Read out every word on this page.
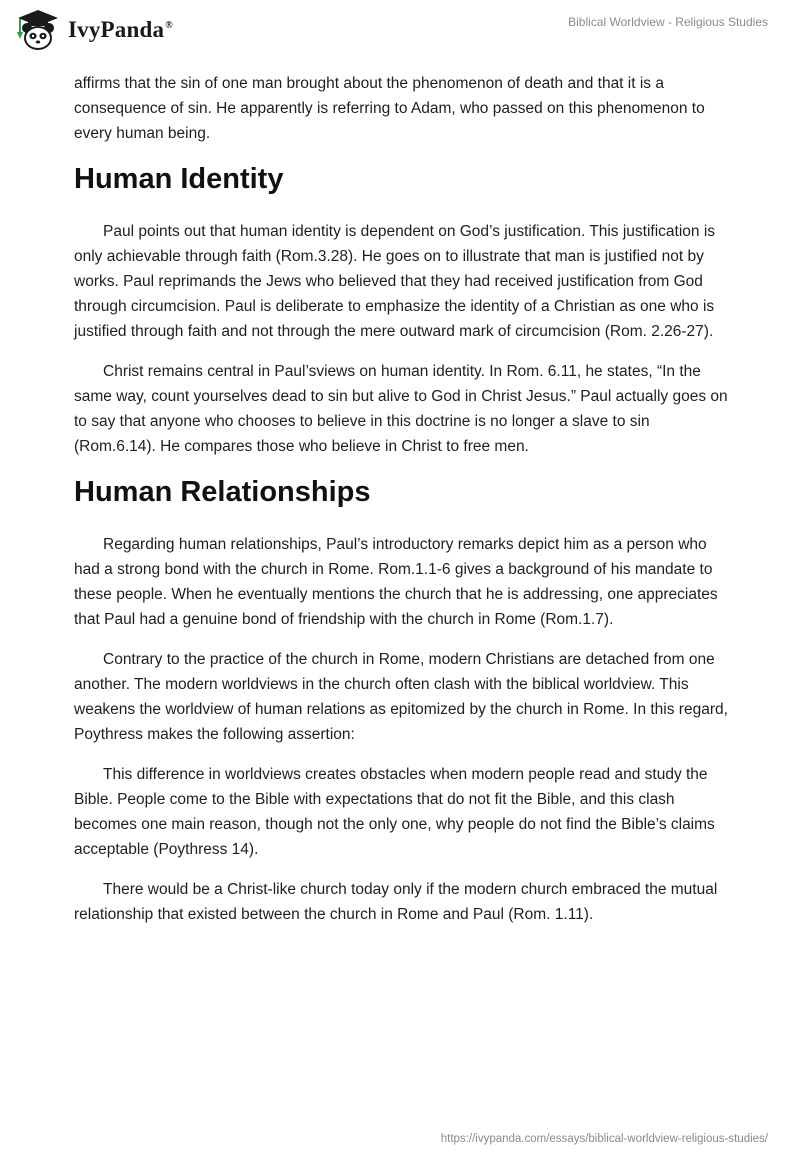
IvyPanda®	Biblical Worldview - Religious Studies

affirms that the sin of one man brought about the phenomenon of death and that it is a consequence of sin. He apparently is referring to Adam, who passed on this phenomenon to every human being.

Human Identity

Paul points out that human identity is dependent on God’s justification. This justification is only achievable through faith (Rom.3.28). He goes on to illustrate that man is justified not by works. Paul reprimands the Jews who believed that they had received justification from God through circumcision. Paul is deliberate to emphasize the identity of a Christian as one who is justified through faith and not through the mere outward mark of circumcision (Rom. 2.26-27).

Christ remains central in Paul’sviews on human identity. In Rom. 6.11, he states, “In the same way, count yourselves dead to sin but alive to God in Christ Jesus.” Paul actually goes on to say that anyone who chooses to believe in this doctrine is no longer a slave to sin (Rom.6.14). He compares those who believe in Christ to free men.

Human Relationships

Regarding human relationships, Paul’s introductory remarks depict him as a person who had a strong bond with the church in Rome. Rom.1.1-6 gives a background of his mandate to these people. When he eventually mentions the church that he is addressing, one appreciates that Paul had a genuine bond of friendship with the church in Rome (Rom.1.7).

Contrary to the practice of the church in Rome, modern Christians are detached from one another. The modern worldviews in the church often clash with the biblical worldview. This weakens the worldview of human relations as epitomized by the church in Rome. In this regard, Poythress makes the following assertion:

This difference in worldviews creates obstacles when modern people read and study the Bible. People come to the Bible with expectations that do not fit the Bible, and this clash becomes one main reason, though not the only one, why people do not find the Bible’s claims acceptable (Poythress 14).

There would be a Christ-like church today only if the modern church embraced the mutual relationship that existed between the church in Rome and Paul (Rom. 1.11).

https://ivypanda.com/essays/biblical-worldview-religious-studies/
